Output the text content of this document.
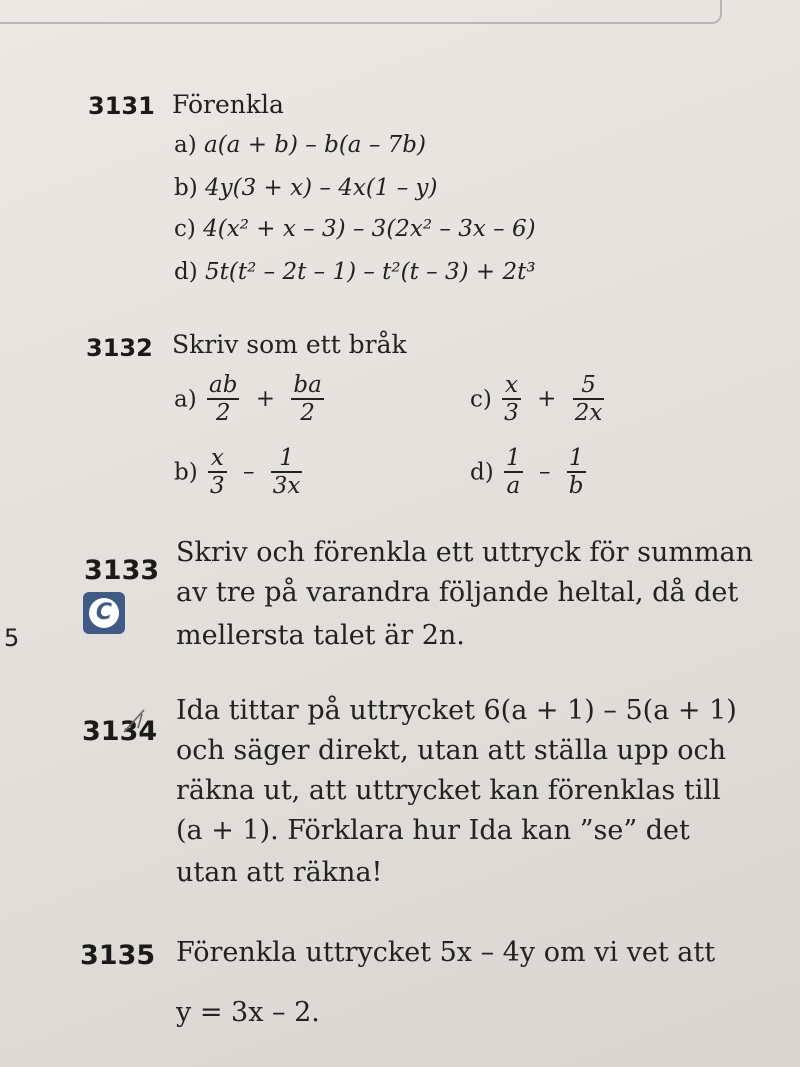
3131 Förenkla
a) a(a + b) – b(a – 7b)
b) 4y(3 + x) – 4x(1 – y)
c) 4(x² + x – 3) – 3(2x² – 3x – 6)
d) 5t(t² – 2t – 1) – t²(t – 3) + 2t³
3132 Skriv som ett bråk
$a) \frac{ab}{2} + \frac{ba}{2}$	$c) \frac{x}{3} + \frac{5}{2x}$
$b) \frac{x}{3} - \frac{1}{3x}$	$d) \frac{1}{a} - \frac{1}{b}$
3133
C
5
Skriv och förenkla ett uttryck för summan
av tre på varandra följande heltal, då det
mellersta talet är 2n.
3134
Ida tittar på uttrycket 6(a + 1) – 5(a + 1)
och säger direkt, utan att ställa upp och
räkna ut, att uttrycket kan förenklas till
(a + 1). Förklara hur Ida kan ”se” det
utan att räkna!
3135 Förenkla uttrycket 5x – 4y om vi vet att
y = 3x – 2.
